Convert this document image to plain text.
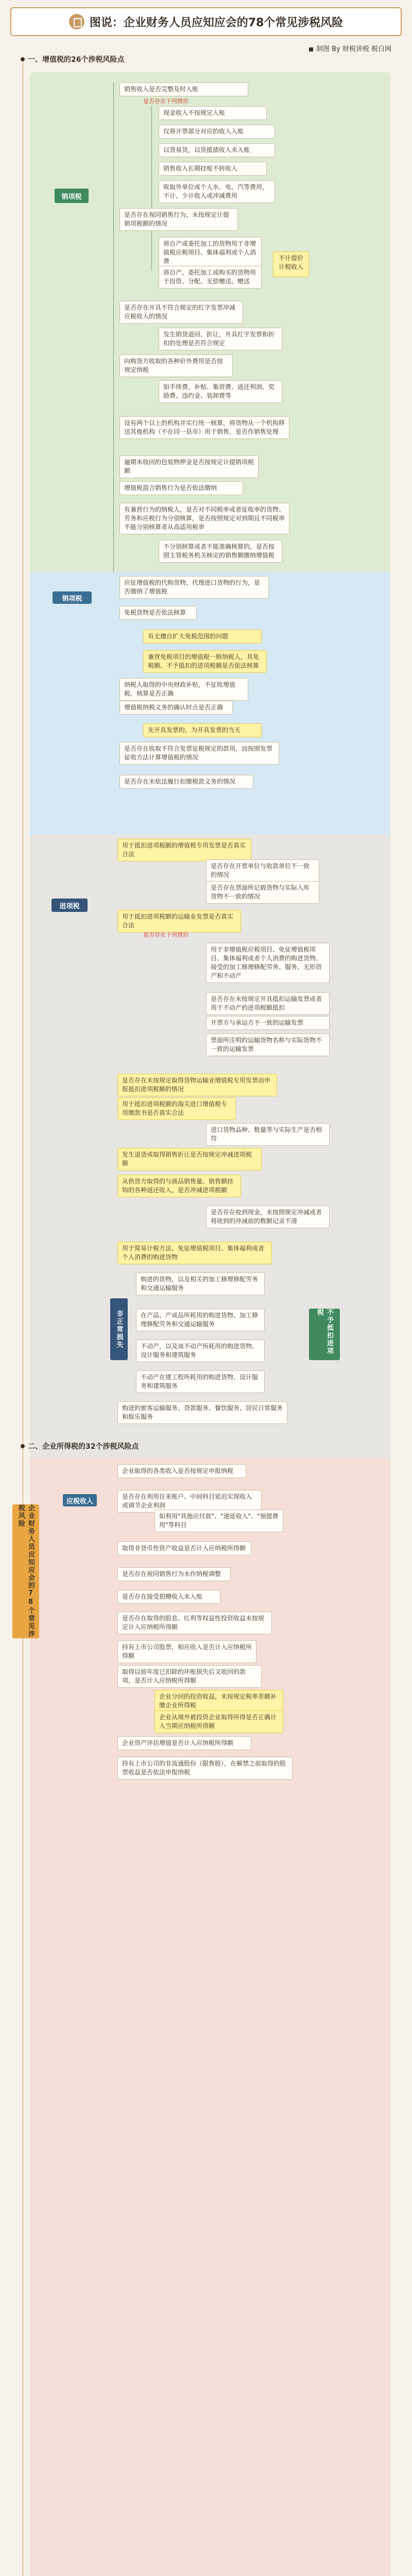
图说：企业财务人员应知应会的78个常见涉税风险
制图 By 财税讲税 税白网
一、增值税的26个涉税风险点
销项税
销售收入是否完整及时入账
是否存在下列情形
现金收入不按规定入账
仅将开票部分对应的收入入账
以货易货，以货抵债收入未入账
销售收入长期挂账不转收入
收取外单位或个人水、电、汽等费用，不计、少计收入或冲减费用
是否存在视同销售行为、未按规定计提销项税额的情况
将自产或委托加工的货物用于非增值税应税项目、集体福利或个人消费
将自产、委托加工或购买的货物用于投资、分配、无偿赠送、赠送
不计提价计税收入
是否存在开具不符合规定的红字发票冲减应税收入的情况
发生销货退回、折让，开具红字发票和折扣的处理是否符合规定
向购货方收取的各种价外费用是否按规定纳税
如手续费、补贴、集资费、返还利润、奖励费、违约金、装卸费等
设有两个以上的机构并实行统一核算，将货物从一个机构移送其他机构（不在同一县市）用于销售，是否作销售处理
逾期未收回的包装物押金是否按规定计提销项税额
增值税混合销售行为是否依法缴纳
有兼营行为的纳税人，是否对不同税率或者征收率的货物、劳务和应税行为分别核算，是否按照规定对到期且不同税率不能分别核算者从高适用税率
不分别核算或者不能准确核算的，是否按照主管税务机关核定的销售额缴纳增值税
销项税
应征增值税的代购货物、代理进口货物的行为，是否缴纳了增值税
免税货物是否依法核算
有无擅自扩大免税范围的问题
兼营免税项目的增值税一般纳税人，其免税额、不予抵扣的进项税额是否依法核算
纳税人取得的中央财政补贴，不征收增值税，核算是否正确
增值税纳税义务的确认时点是否正确
先开具发票的，为开具发票的当天
是否存在收取不符合发票征税规定的款项，而按照发票征收方法计算增值税的情况
是否存在未依法履行扣缴税款义务的情况
进项税
用于抵扣进项税额的增值税专用发票是否真实合法
是否存在开票单位与收款单位不一致的情况
是否存在票面所记载货物与实际入库货物不一致的情况
用于抵扣进项税额的运输业发票是否真实合法
是否存在下列情形
用于非增值税应税项目、免征增值税项目、集体福利或者个人消费的购进货物、接受的加工修理修配劳务、服务、无形资产和不动产
是否存在未按规定开具抵扣运输发票或者用于不动产的进项税额抵扣
开票方与承运方不一致的运输发票
票面所注明的运输货物名称与实际货物不一致的运输发票
是否存在未按规定取得货物运输业增值税专用发票而申报抵扣进项税额的情况
用于抵扣进项税额的海关进口增值税专用缴款书是否真实合法
进口货物品种、数量等与实际生产是否相符
发生退货或取得销售折让是否按规定冲减进项税额
从供货方取得的与商品销售量、销售额挂钩的各种返还收入，是否冲减进项税额
是否存在收到现金，未按照规定冲减或者将收到的冲减前的数额记录不清
用于简易计税方法、免征增值税项目、集体福利或者个人消费的购进货物
非正常损失
购进的货物，以及相关的加工修理修配劳务和交通运输服务
在产品、产成品所耗用的购进货物、加工修理修配劳务和交通运输服务
不动产，以及该不动产所耗用的购进货物、设计服务和建筑服务
不动产在建工程所耗用的购进货物、设计服务和建筑服务
不予抵扣进项税
购进的旅客运输服务、贷款服务、餐饮服务、居民日常服务和娱乐服务
二、企业所得税的32个涉税风险点
企业财务人员应知应会的78个常见涉税风险
应税收入
企业取得的各类收入是否按规定申报纳税
是否存在利用往来账户、中间科目延迟实现收入或调节企业利润
如利用"其他应付款"、"递延收入"、"预提费用"等科目
取得非货币性资产收益是否计入应纳税所得额
是否存在视同销售行为未作纳税调整
是否存在接受捐赠收入未入账
是否存在取得的股息、红利等权益性投资收益未按规定计入应纳税所得额
持有上市公司股票，相应收入是否计入应纳税所得额
取得以前年度已扣除的坏账损失后又收回的款项，是否计入应纳税所得额
企业分回的投资收益，未按规定税率差额补缴企业所得税
企业从境外被投资企业取得所得是否正确计入当期应纳税所得额
企业资产评估增值是否计入应纳税所得额
持有上市公司的非流通股份（限售股），在解禁之前取得的股票收益是否依法申报纳税
